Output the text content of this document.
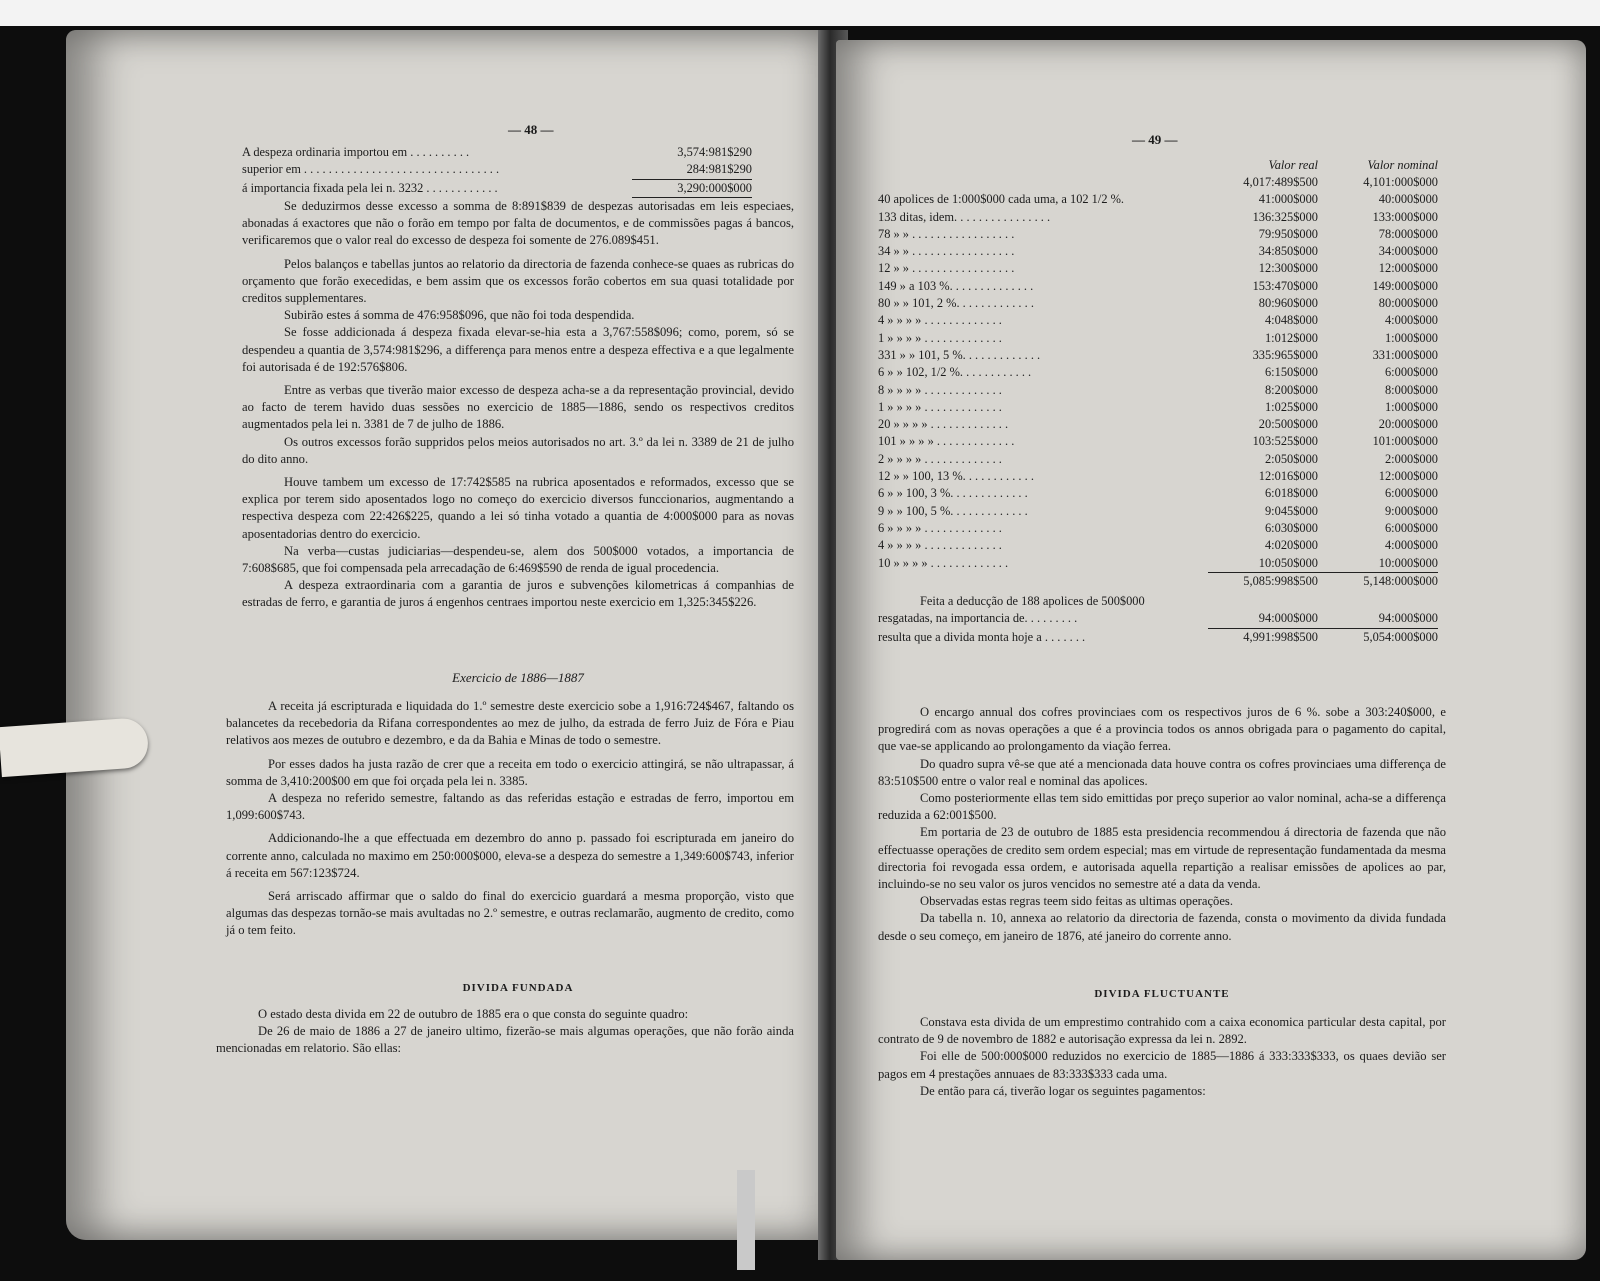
— 48 —
A despeza ordinaria importou em . . . . . . . . . .	3,574:981$290
superior em . . . . . . . . . . . . . . . . . . . . . . . . . . . . . . . .	284:981$290
á importancia fixada pela lei n. 3232 . . . . . . . . . . . .	3,290:000$000

Se deduzirmos desse excesso a somma de 8:891$839 de despezas autorisadas em leis especiaes, abonadas á exactores que não o forão em tempo por falta de documentos, e de commissões pagas á bancos, verificaremos que o valor real do excesso de despeza foi somente de 276.089$451.

Pelos balanços e tabellas juntos ao relatorio da directoria de fazenda conhece-se quaes as rubricas do orçamento que forão execedidas, e bem assim que os excessos forão cobertos em sua quasi totalidade por creditos supplementares.

Subirão estes á somma de 476:958$096, que não foi toda despendida.

Se fosse addicionada á despeza fixada elevar-se-hia esta a 3,767:558$096; como, porem, só se despendeu a quantia de 3,574:981$296, a differença para menos entre a despeza effectiva e a que legalmente foi autorisada é de 192:576$806.

Entre as verbas que tiverão maior excesso de despeza acha-se a da representação provincial, devido ao facto de terem havido duas sessões no exercicio de 1885—1886, sendo os respectivos creditos augmentados pela lei n. 3381 de 7 de julho de 1886.

Os outros excessos forão suppridos pelos meios autorisados no art. 3.º da lei n. 3389 de 21 de julho do dito anno.

Houve tambem um excesso de 17:742$585 na rubrica aposentados e reformados, excesso que se explica por terem sido aposentados logo no começo do exercicio diversos funccionarios, augmentando a respectiva despeza com 22:426$225, quando a lei só tinha votado a quantia de 4:000$000 para as novas aposentadorias dentro do exercicio.

Na verba—custas judiciarias—despendeu-se, alem dos 500$000 votados, a importancia de 7:608$685, que foi compensada pela arrecadação de 6:469$590 de renda de igual procedencia.

A despeza extraordinaria com a garantia de juros e subvenções kilometricas á companhias de estradas de ferro, e garantia de juros á engenhos centraes importou neste exercicio em 1,325:345$226.

Exercicio de 1886—1887

A receita já escripturada e liquidada do 1.º semestre deste exercicio sobe a 1,916:724$467, faltando os balancetes da recebedoria da Rifana correspondentes ao mez de julho, da estrada de ferro Juiz de Fóra e Piau relativos aos mezes de outubro e dezembro, e da da Bahia e Minas de todo o semestre.

Por esses dados ha justa razão de crer que a receita em todo o exercicio attingirá, se não ultrapassar, á somma de 3,410:200$00 em que foi orçada pela lei n. 3385.

A despeza no referido semestre, faltando as das referidas estação e estradas de ferro, importou em 1,099:600$743.

Addicionando-lhe a que effectuada em dezembro do anno p. passado foi escripturada em janeiro do corrente anno, calculada no maximo em 250:000$000, eleva-se a despeza do semestre a 1,349:600$743, inferior á receita em 567:123$724.

Será arriscado affirmar que o saldo do final do exercicio guardará a mesma proporção, visto que algumas das despezas tornão-se mais avultadas no 2.º semestre, e outras reclamarão, augmento de credito, como já o tem feito.

DIVIDA FUNDADA

O estado desta divida em 22 de outubro de 1885 era o que consta do seguinte quadro:

De 26 de maio de 1886 a 27 de janeiro ultimo, fizerão-se mais algumas operações, que não forão ainda mencionadas em relatorio. São ellas:

— 49 —
Valor real	Valor nominal
4,017:489$500	4,101:000$000
40 apolices de 1:000$000 cada uma, a 102 1/2 %.	41:000$000	40:000$000
133 ditas, idem. . . . . . . . . . . . . . . .	136:325$000	133:000$000
78 » » . . . . . . . . . . . . . . . . .	79:950$000	78:000$000
34 » » . . . . . . . . . . . . . . . . .	34:850$000	34:000$000
12 » » . . . . . . . . . . . . . . . . .	12:300$000	12:000$000
149 » a 103 %. . . . . . . . . . . . . .	153:470$000	149:000$000
80 » » 101, 2 %. . . . . . . . . . . . .	80:960$000	80:000$000
4 » » » » . . . . . . . . . . . . .	4:048$000	4:000$000
1 » » » » . . . . . . . . . . . . .	1:012$000	1:000$000
331 » » 101, 5 %. . . . . . . . . . . . .	335:965$000	331:000$000
6 » » 102, 1/2 %. . . . . . . . . . . .	6:150$000	6:000$000
8 » » » » . . . . . . . . . . . . .	8:200$000	8:000$000
1 » » » » . . . . . . . . . . . . .	1:025$000	1:000$000
20 » » » » . . . . . . . . . . . . .	20:500$000	20:000$000
101 » » » » . . . . . . . . . . . . .	103:525$000	101:000$000
2 » » » » . . . . . . . . . . . . .	2:050$000	2:000$000
12 » » 100, 13 %. . . . . . . . . . . .	12:016$000	12:000$000
6 » » 100, 3 %. . . . . . . . . . . . .	6:018$000	6:000$000
9 » » 100, 5 %. . . . . . . . . . . . .	9:045$000	9:000$000
6 » » » » . . . . . . . . . . . . .	6:030$000	6:000$000
4 » » » » . . . . . . . . . . . . .	4:020$000	4:000$000
10 » » » » . . . . . . . . . . . . .	10:050$000	10:000$000
5,085:998$500	5,148:000$000
Feita a deducção de 188 apolices de 500$000
resgatadas, na importancia de. . . . . . . . .	94:000$000	94:000$000
resulta que a divida monta hoje a . . . . . . .	4,991:998$500	5,054:000$000

O encargo annual dos cofres provinciaes com os respectivos juros de 6 %. sobe a 303:240$000, e progredirá com as novas operações a que é a provincia todos os annos obrigada para o pagamento do capital, que vae-se applicando ao prolongamento da viação ferrea.

Do quadro supra vê-se que até a mencionada data houve contra os cofres provinciaes uma differença de 83:510$500 entre o valor real e nominal das apolices.

Como posteriormente ellas tem sido emittidas por preço superior ao valor nominal, acha-se a differença reduzida a 62:001$500.

Em portaria de 23 de outubro de 1885 esta presidencia recommendou á directoria de fazenda que não effectuasse operações de credito sem ordem especial; mas em virtude de representação fundamentada da mesma directoria foi revogada essa ordem, e autorisada aquella repartição a realisar emissões de apolices ao par, incluindo-se no seu valor os juros vencidos no semestre até a data da venda.

Observadas estas regras teem sido feitas as ultimas operações.

Da tabella n. 10, annexa ao relatorio da directoria de fazenda, consta o movimento da divida fundada desde o seu começo, em janeiro de 1876, até janeiro do corrente anno.

DIVIDA FLUCTUANTE

Constava esta divida de um emprestimo contrahido com a caixa economica particular desta capital, por contrato de 9 de novembro de 1882 e autorisação expressa da lei n. 2892.

Foi elle de 500:000$000 reduzidos no exercicio de 1885—1886 á 333:333$333, os quaes devião ser pagos em 4 prestações annuaes de 83:333$333 cada uma.

De então para cá, tiverão logar os seguintes pagamentos:
